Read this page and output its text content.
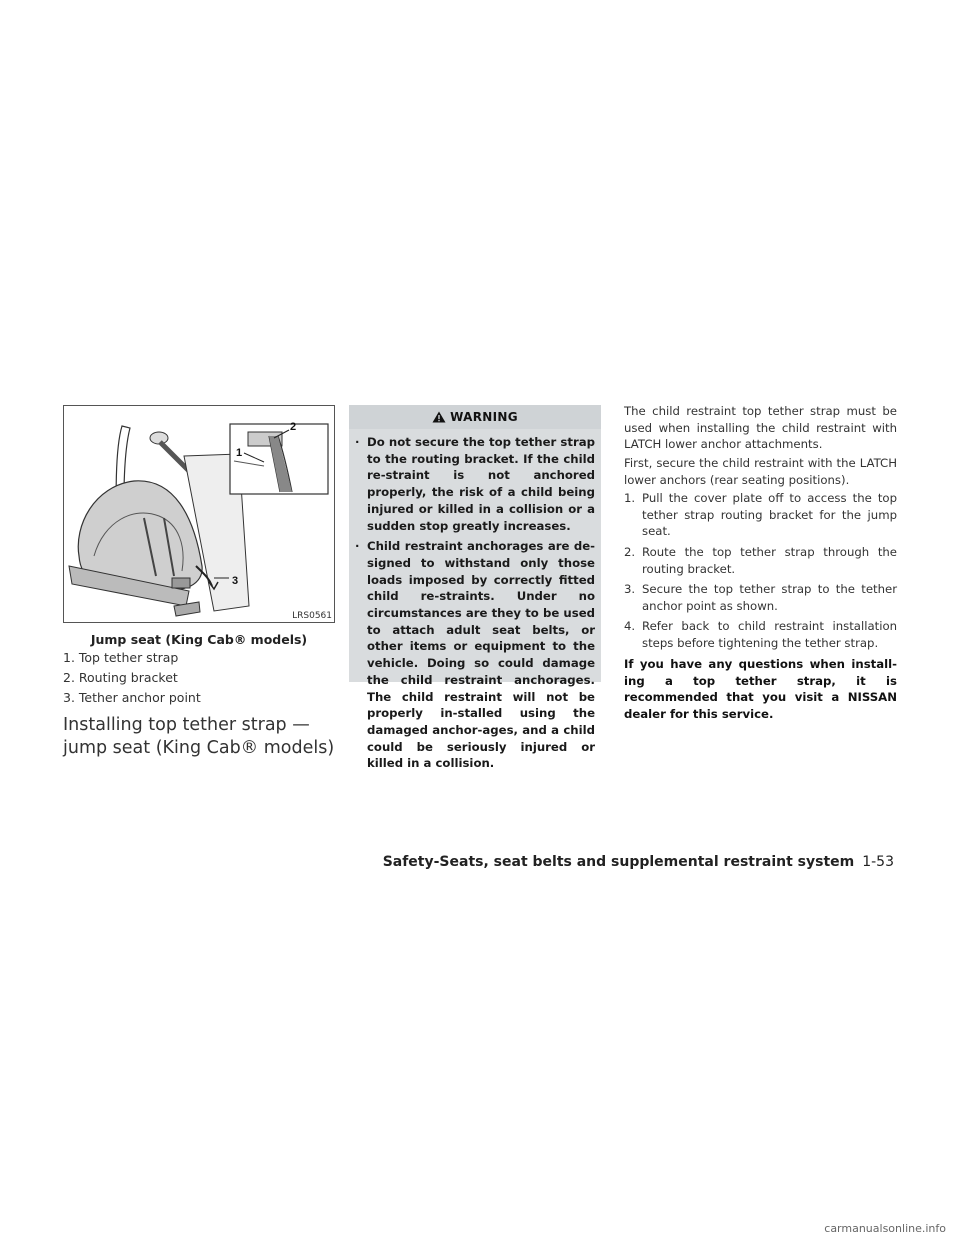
2
1
3
LRS0561
Jump seat (King Cab® models)
1. Top tether strap
2. Routing bracket
3. Tether anchor point
Installing top tether strap — jump seat (King Cab® models)
WARNING
· Do not secure the top tether strap to the routing bracket. If the child re-straint is not anchored properly, the risk of a child being injured or killed in a collision or a sudden stop greatly increases.
· Child restraint anchorages are de-signed to withstand only those loads imposed by correctly fitted child re-straints. Under no circumstances are they to be used to attach adult seat belts, or other items or equipment to the vehicle. Doing so could damage the child restraint anchorages. The child restraint will not be properly in-stalled using the damaged anchor-ages, and a child could be seriously injured or killed in a collision.
The child restraint top tether strap must be used when installing the child restraint with LATCH lower anchor attachments.
First, secure the child restraint with the LATCH lower anchors (rear seating positions).
1. Pull the cover plate off to access the top tether strap routing bracket for the jump seat.
2. Route the top tether strap through the routing bracket.
3. Secure the top tether strap to the tether anchor point as shown.
4. Refer back to child restraint installation steps before tightening the tether strap.
If you have any questions when install-ing a top tether strap, it is recommended that you visit a NISSAN dealer for this service.
Safety-Seats, seat belts and supplemental restraint system 1-53
carmanualsonline.info
